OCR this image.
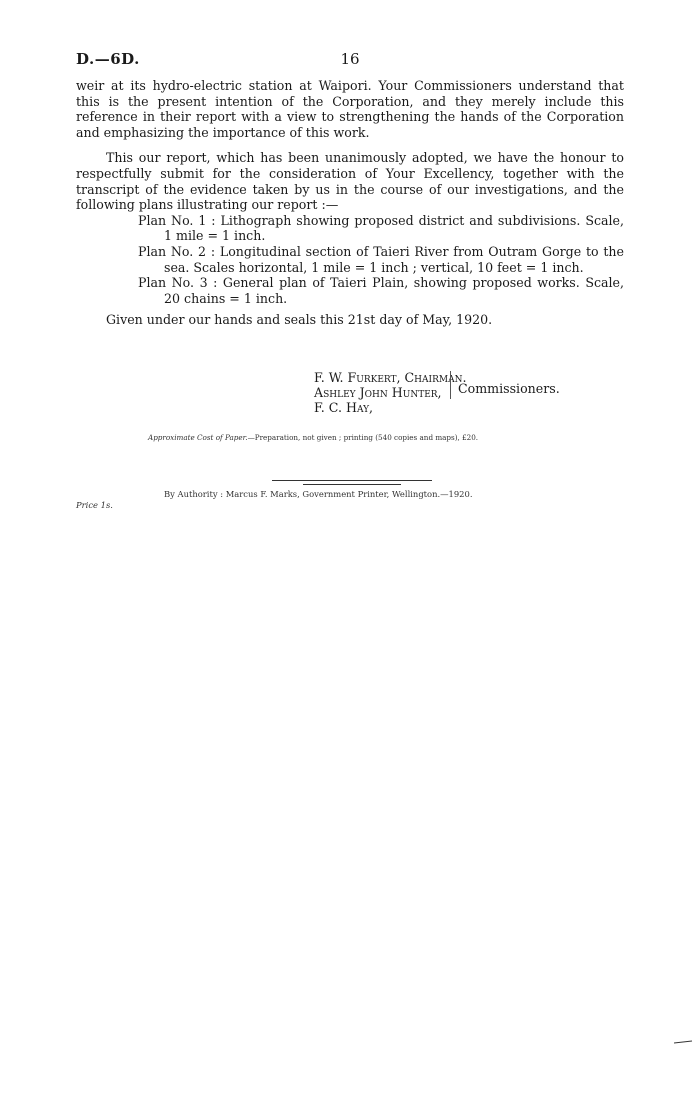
D.—6D.	16

weir at its hydro-electric station at Waipori. Your Commissioners understand that this is the present intention of the Corporation, and they merely include this reference in their report with a view to strengthening the hands of the Corporation and emphasizing the importance of this work.

This our report, which has been unanimously adopted, we have the honour to respectfully submit for the consideration of Your Excellency, together with the transcript of the evidence taken by us in the course of our investigations, and the following plans illustrating our report :—

Plan No. 1 : Lithograph showing proposed district and subdivisions. Scale, 1 mile = 1 inch.

Plan No. 2 : Longitudinal section of Taieri River from Outram Gorge to the sea. Scales horizontal, 1 mile = 1 inch ; vertical, 10 feet = 1 inch.

Plan No. 3 : General plan of Taieri Plain, showing proposed works. Scale, 20 chains = 1 inch.

Given under our hands and seals this 21st day of May, 1920.

F. W. Furkert, Chairman.
Ashley John Hunter,
F. C. Hay,
Commissioners.
Approximate Cost of Paper.—Preparation, not given ; printing (540 copies and maps), £20.
By Authority : Marcus F. Marks, Government Printer, Wellington.—1920.
Price 1s.
